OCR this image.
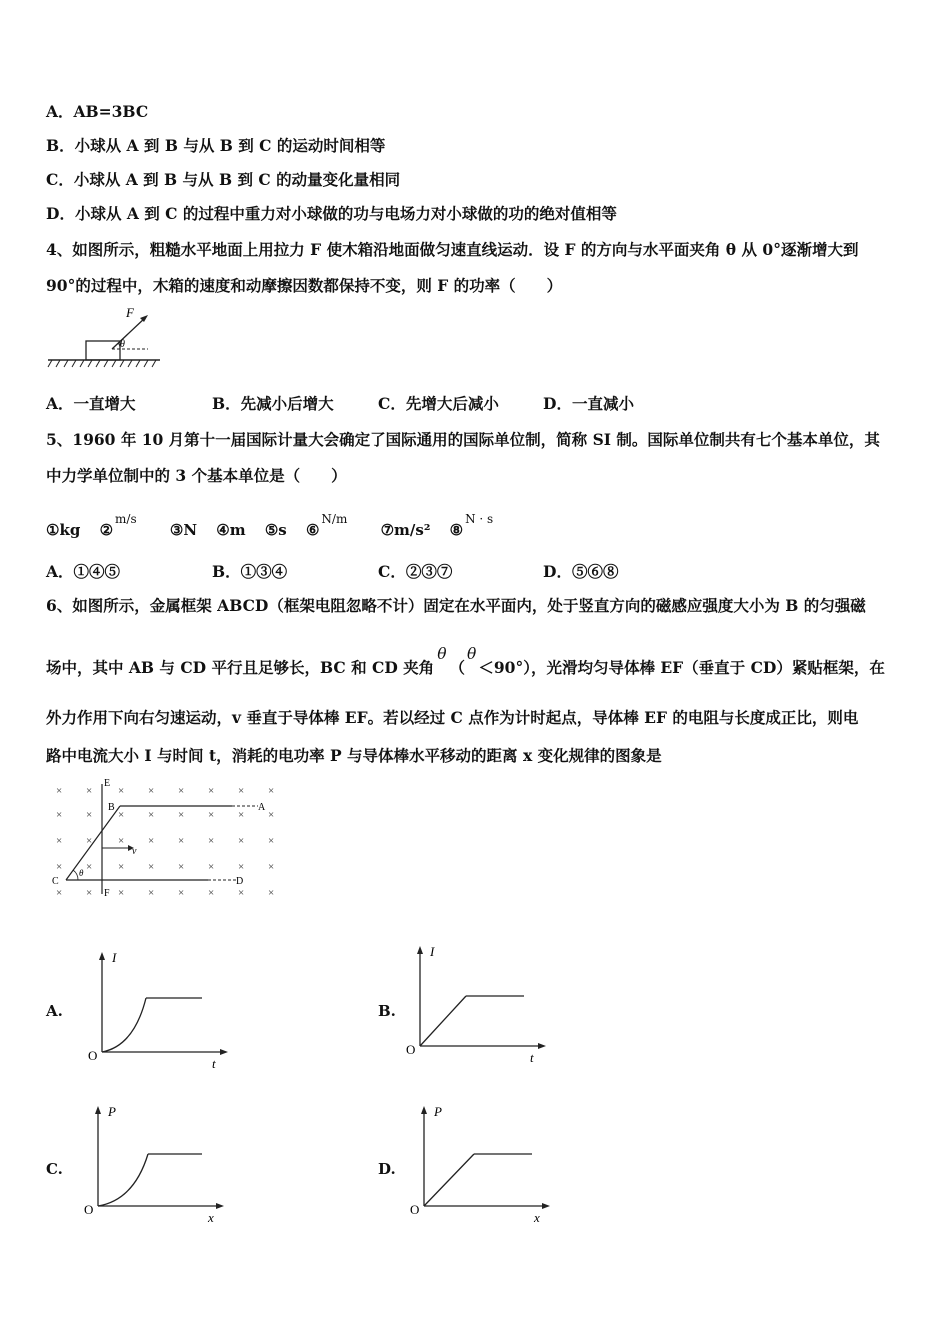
A．AB=3BC
B．小球从 A 到 B 与从 B 到 C 的运动时间相等
C．小球从 A 到 B 与从 B 到 C 的动量变化量相同
D．小球从 A 到 C 的过程中重力对小球做的功与电场力对小球做的功的绝对值相等
4、如图所示，粗糙水平地面上用拉力 F 使木箱沿地面做匀速直线运动．设 F 的方向与水平面夹角 θ 从 0°逐渐增大到
90°的过程中，木箱的速度和动摩擦因数都保持不变，则 F 的功率（　　）
F
θ
A．一直增大	B．先减小后增大	C．先增大后减小	D．一直减小
5、1960 年 10 月第十一届国际计量大会确定了国际通用的国际单位制，简称 SI 制。国际单位制共有七个基本单位，其
中力学单位制中的 3 个基本单位是（　　）
①kg ②$^{m/s}$ ③N ④m ⑤s ⑥$^{N/m}$ ⑦m/s² ⑧$^{N \cdot s}$
A．①④⑤	B．①③④	C．②③⑦	D．⑤⑥⑧
6、如图所示，金属框架 ABCD（框架电阻忽略不计）固定在水平面内，处于竖直方向的磁感应强度大小为 B 的匀强磁
场中，其中 AB 与 CD 平行且足够长，BC 和 CD 夹角θ（θ＜90°），光滑均匀导体棒 EF（垂直于 CD）紧贴框架，在
外力作用下向右匀速运动，v 垂直于导体棒 EF。若以经过 C 点作为计时起点，导体棒 EF 的电阻与长度成正比，则电
路中电流大小 I 与时间 t，消耗的电功率 P 与导体棒水平移动的距离 x 变化规律的图象是
× × × × × × × ×
× × × × × × × ×
× × × × × × × ×
× × × × × × × ×
× × × × × × × ×
E
B	A
C	D
F
v
θ
A.	B.
C.	D.
I
t
O
I
t
O
P
x
O
P
x
O
